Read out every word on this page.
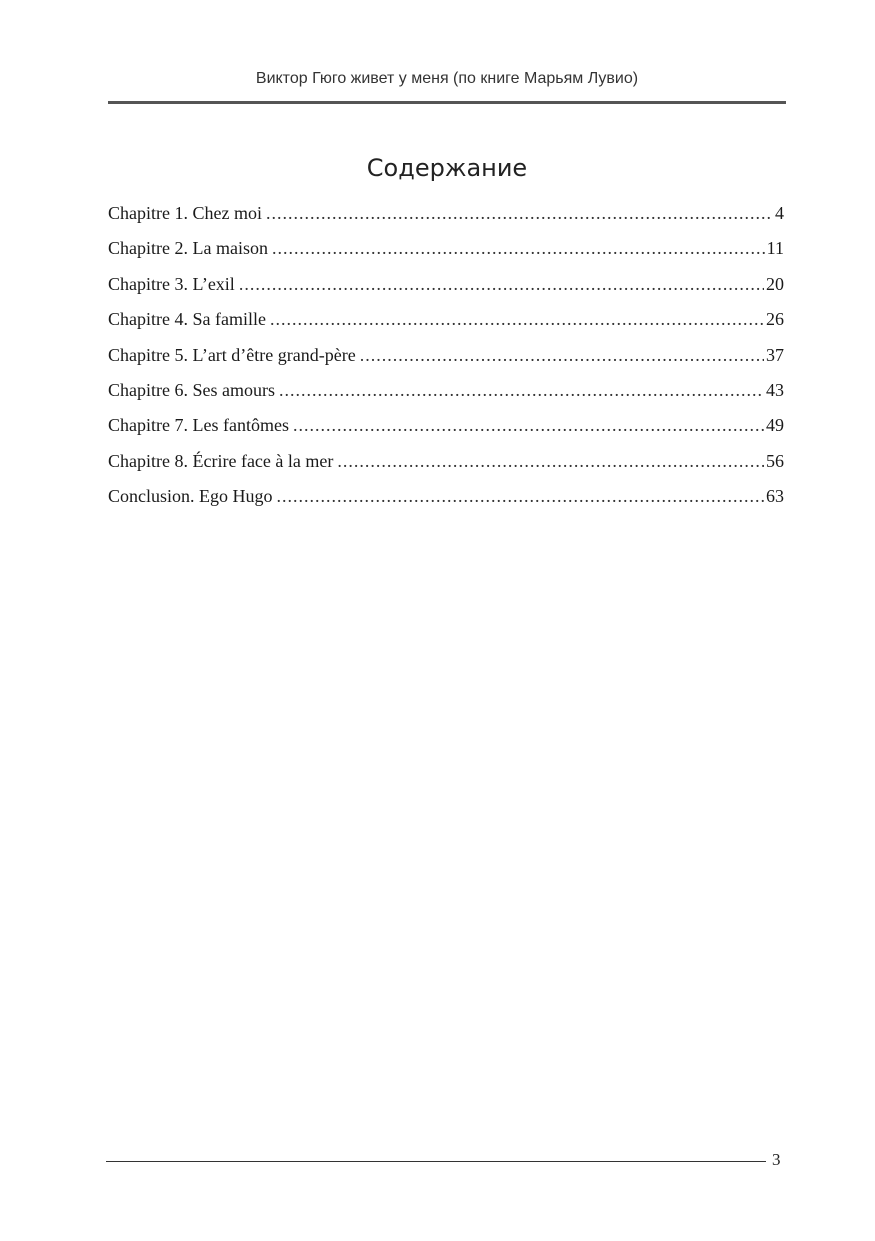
Виктор Гюго живет у меня (по книге Марьям Лувио)
Содержание
Chapitre 1. Chez moi .....	4
Chapitre 2. La maison .....	11
Chapitre 3. L’exil .....	20
Chapitre 4. Sa famille .....	26
Chapitre 5. L’art d’être grand-père .....	37
Chapitre 6. Ses amours .....	43
Chapitre 7. Les fantômes .....	49
Chapitre 8. Écrire face à la mer .....	56
Conclusion. Ego Hugo .....	63
3
